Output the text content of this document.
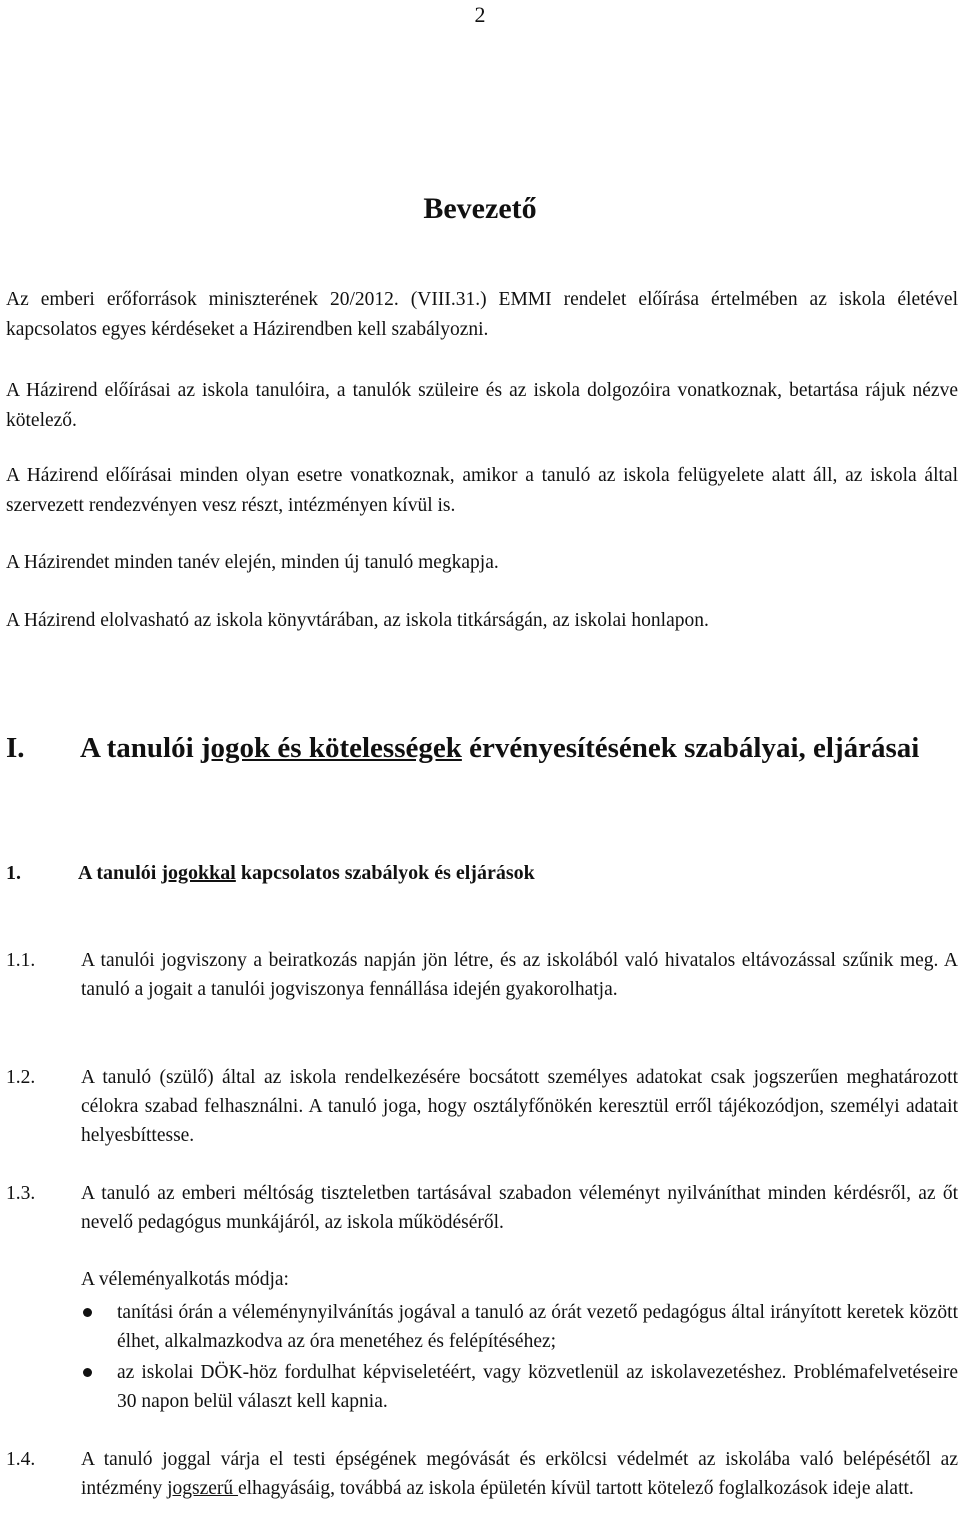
2
Bevezető

Az emberi erőforrások miniszterének 20/2012. (VIII.31.) EMMI rendelet előírása értelmében az iskola életével kapcsolatos egyes kérdéseket a Házirendben kell szabályozni.

A Házirend előírásai az iskola tanulóira, a tanulók szüleire és az iskola dolgozóira vonatkoznak, betartása rájuk nézve kötelező.

A Házirend előírásai minden olyan esetre vonatkoznak, amikor a tanuló az iskola felügyelete alatt áll, az iskola által szervezett rendezvényen vesz részt, intézményen kívül is.

A Házirendet minden tanév elején, minden új tanuló megkapja.

A Házirend elolvasható az iskola könyvtárában, az iskola titkárságán, az iskolai honlapon.

I. A tanulói jogok és kötelességek érvényesítésének szabályai, eljárásai
1.	A tanulói jogokkal kapcsolatos szabályok és eljárások
1.1. A tanulói jogviszony a beiratkozás napján jön létre, és az iskolából való hivatalos eltávozással szűnik meg. A tanuló a jogait a tanulói jogviszonya fennállása idején gyakorolhatja.
1.2. A tanuló (szülő) által az iskola rendelkezésére bocsátott személyes adatokat csak jogszerűen meghatározott célokra szabad felhasználni. A tanuló joga, hogy osztályfőnökén keresztül erről tájékozódjon, személyi adatait helyesbíttesse.
1.3. A tanuló az emberi méltóság tiszteletben tartásával szabadon véleményt nyilváníthat minden kérdésről, az őt nevelő pedagógus munkájáról, az iskola működéséről.
A véleményalkotás módja:
tanítási órán a véleménynyilvánítás jogával a tanuló az órát vezető pedagógus által irányított keretek között élhet, alkalmazkodva az óra menetéhez és felépítéséhez;
az iskolai DÖK-höz fordulhat képviseletéért, vagy közvetlenül az iskolavezetéshez. Problémafelvetéseire 30 napon belül választ kell kapnia.
1.4. A tanuló joggal várja el testi épségének megóvását és erkölcsi védelmét az iskolába való belépésétől az intézmény jogszerű elhagyásáig, továbbá az iskola épületén kívül tartott kötelező foglalkozások ideje alatt.
